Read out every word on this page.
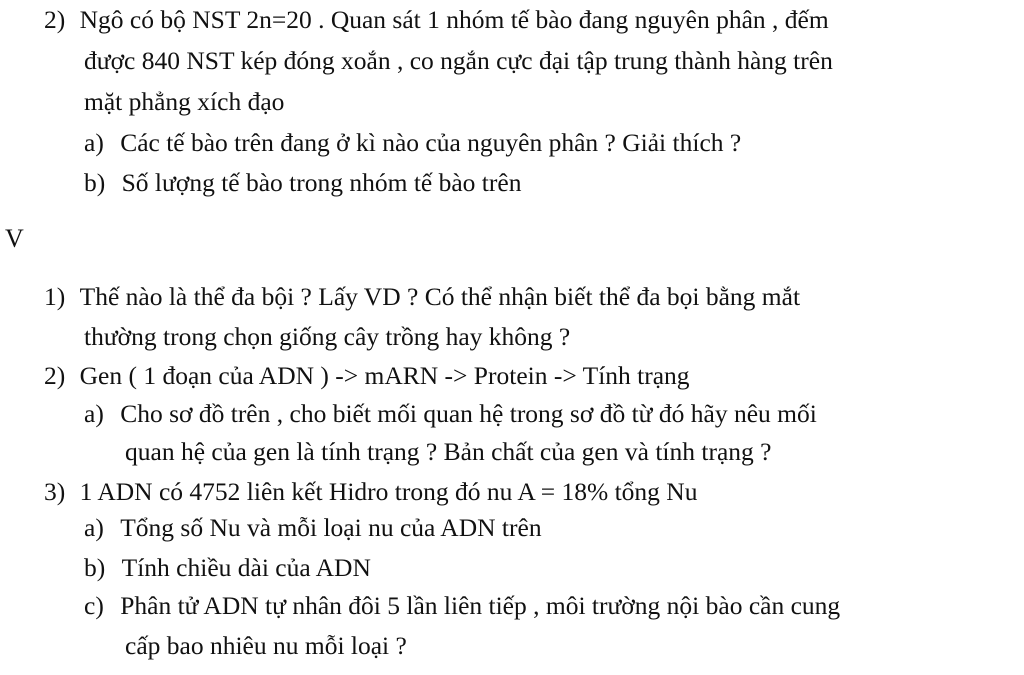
2) Ngô có bộ NST 2n=20 . Quan sát 1 nhóm tế bào đang nguyên phân , đếm
được 840 NST kép đóng xoắn , co ngắn cực đại tập trung thành hàng trên
mặt phẳng xích đạo
a) Các tế bào trên đang ở kì nào của nguyên phân ? Giải thích ?
b) Số lượng tế bào trong nhóm tế bào trên
V
1) Thế nào là thể đa bội ? Lấy VD ? Có thể nhận biết thể đa bọi bằng mắt
thường trong chọn giống cây trồng hay không ?
2) Gen ( 1 đoạn của ADN ) -> mARN -> Protein -> Tính trạng
a) Cho sơ đồ trên , cho biết mối quan hệ trong sơ đồ từ đó hãy nêu mối
quan hệ của gen là tính trạng ? Bản chất của gen và tính trạng ?
3) 1 ADN có 4752 liên kết Hidro trong đó nu A = 18% tổng Nu
a) Tổng số Nu và mỗi loại nu của ADN trên
b) Tính chiều dài của ADN
c) Phân tử ADN tự nhân đôi 5 lần liên tiếp , môi trường nội bào cần cung
cấp bao nhiêu nu mỗi loại ?
